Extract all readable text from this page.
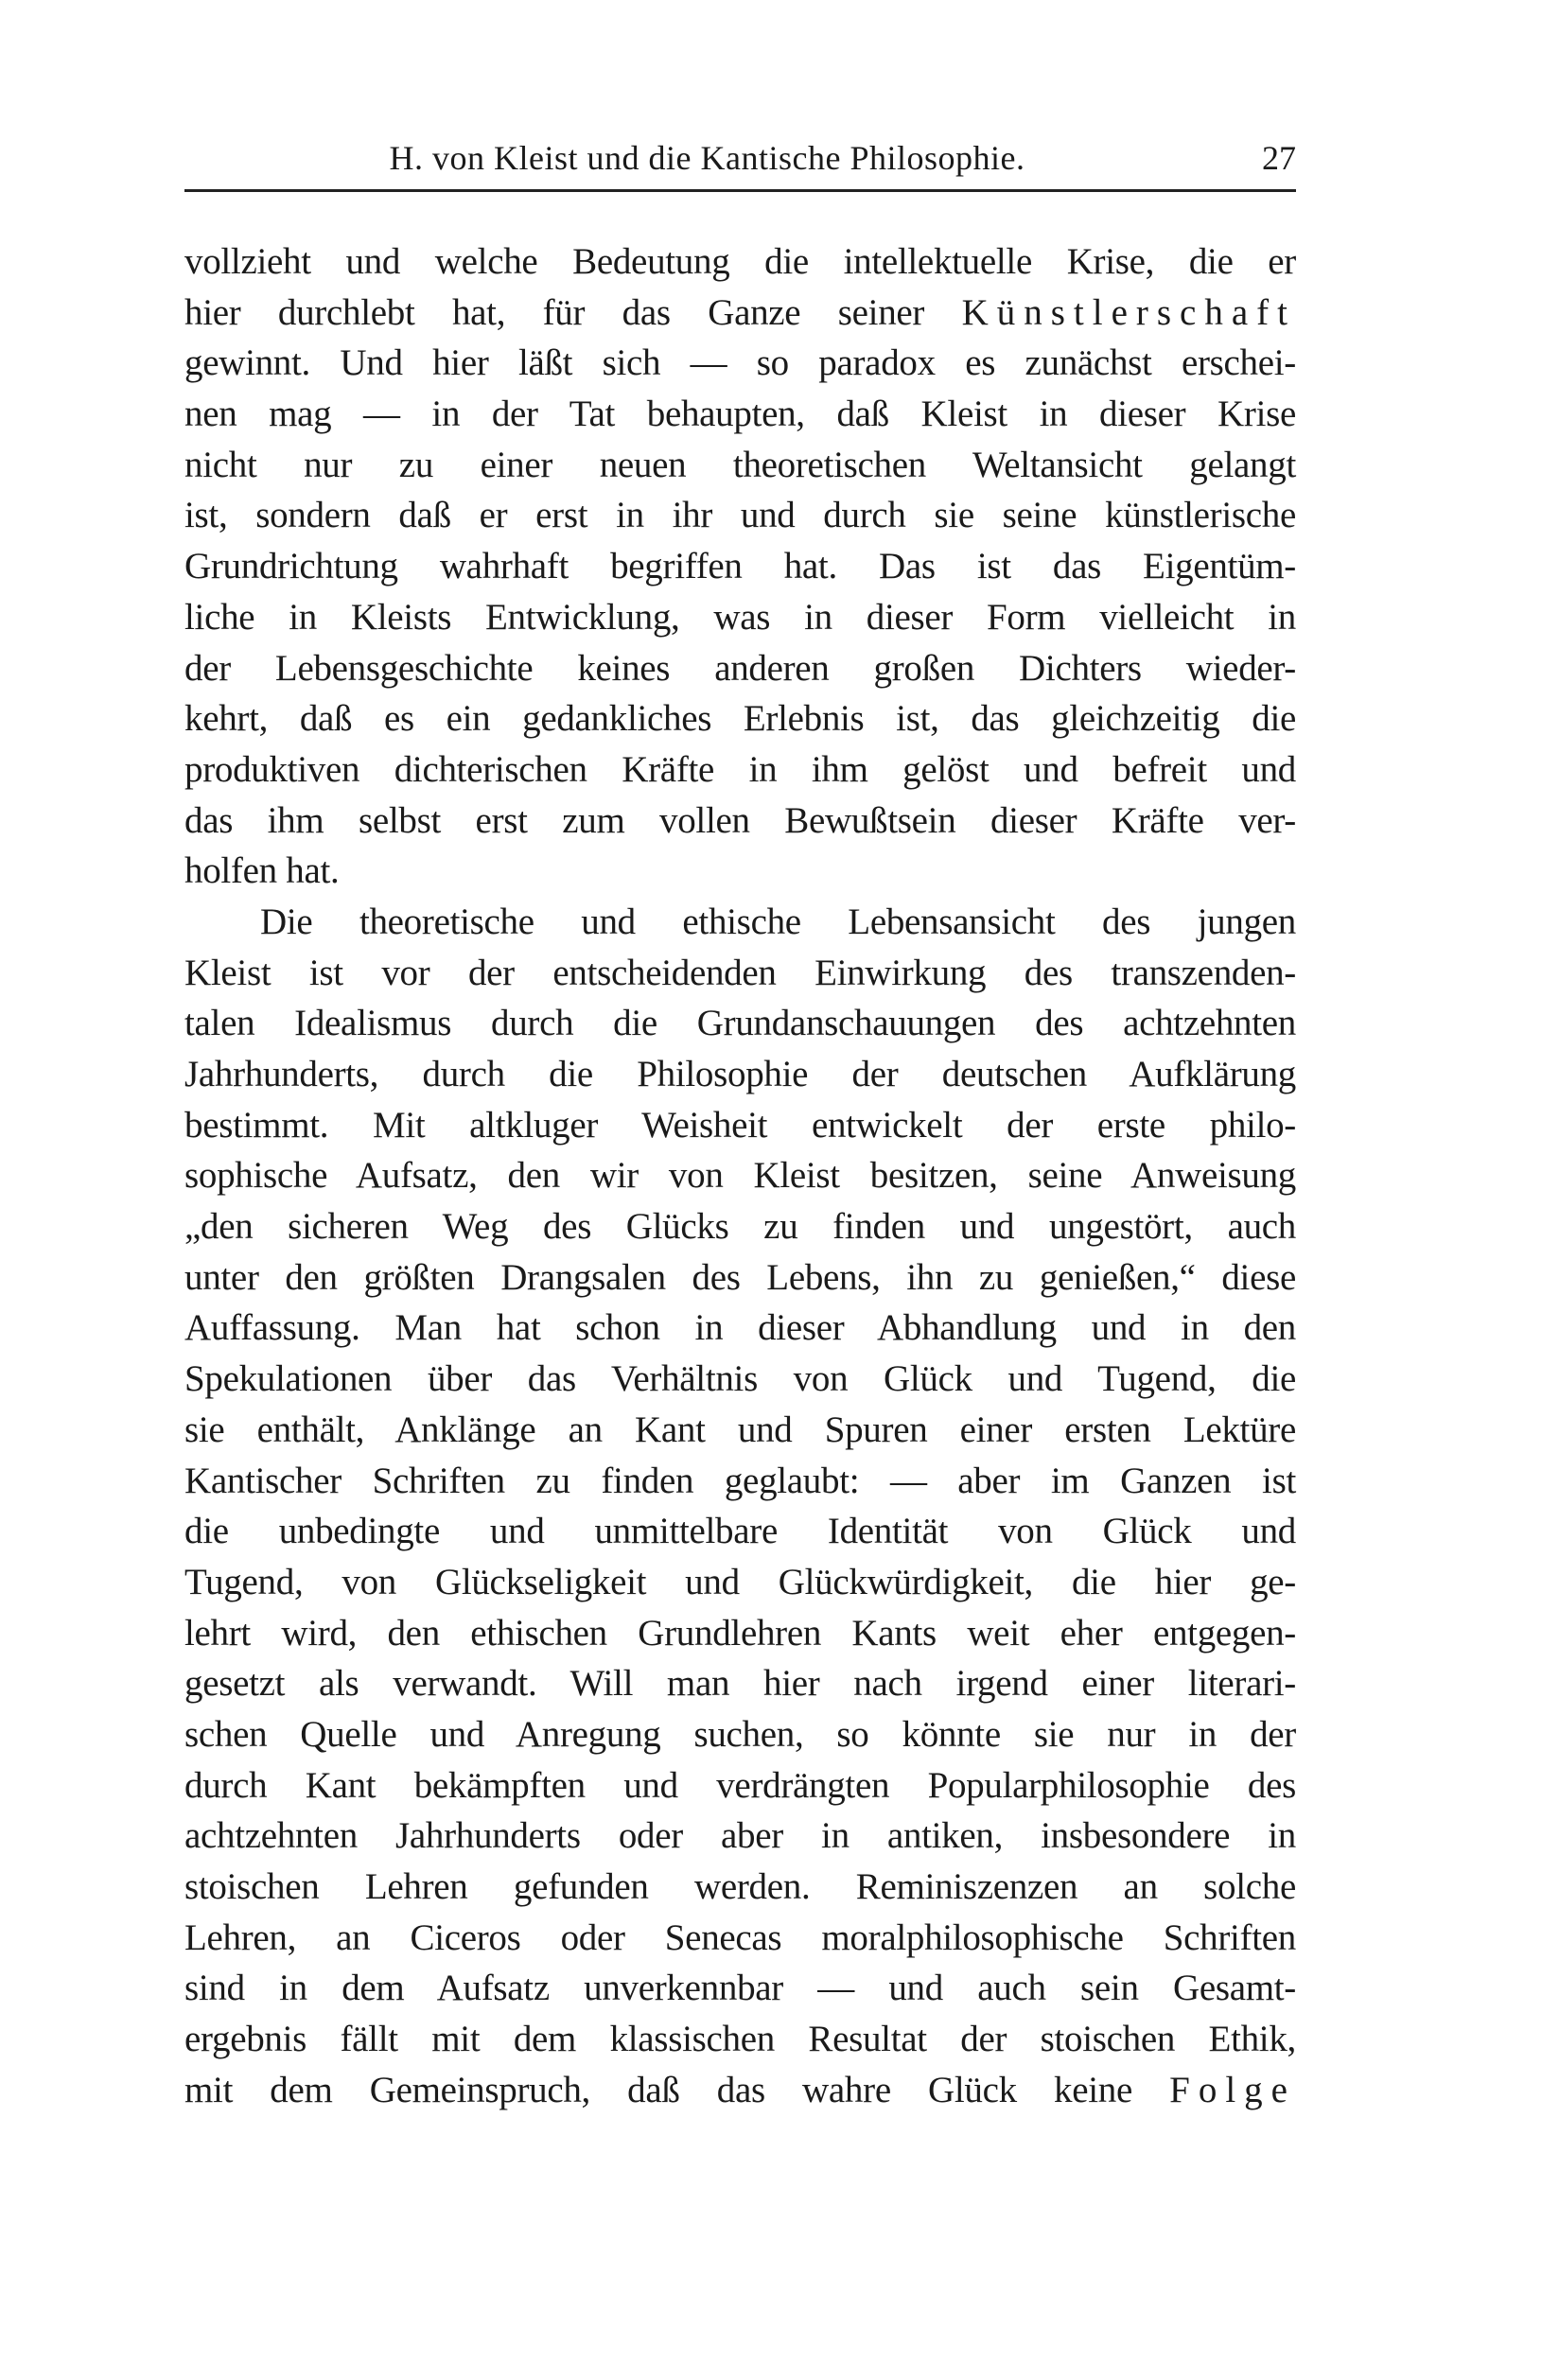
H. von Kleist und die Kantische Philosophie.	27
vollzieht und welche Bedeutung die intellektuelle Krise, die er
hier durchlebt hat, für das Ganze seiner Künstlerschaft
gewinnt. Und hier läßt sich — so paradox es zunächst erschei-
nen mag — in der Tat behaupten, daß Kleist in dieser Krise
nicht nur zu einer neuen theoretischen Weltansicht gelangt
ist, sondern daß er erst in ihr und durch sie seine künstlerische
Grundrichtung wahrhaft begriffen hat. Das ist das Eigentüm-
liche in Kleists Entwicklung, was in dieser Form vielleicht in
der Lebensgeschichte keines anderen großen Dichters wieder-
kehrt, daß es ein gedankliches Erlebnis ist, das gleichzeitig die
produktiven dichterischen Kräfte in ihm gelöst und befreit und
das ihm selbst erst zum vollen Bewußtsein dieser Kräfte ver-
holfen hat.
Die theoretische und ethische Lebensansicht des jungen
Kleist ist vor der entscheidenden Einwirkung des transzenden-
talen Idealismus durch die Grundanschauungen des achtzehnten
Jahrhunderts, durch die Philosophie der deutschen Aufklärung
bestimmt. Mit altkluger Weisheit entwickelt der erste philo-
sophische Aufsatz, den wir von Kleist besitzen, seine Anweisung
„den sicheren Weg des Glücks zu finden und ungestört, auch
unter den größten Drangsalen des Lebens, ihn zu genießen,“ diese
Auffassung. Man hat schon in dieser Abhandlung und in den
Spekulationen über das Verhältnis von Glück und Tugend, die
sie enthält, Anklänge an Kant und Spuren einer ersten Lektüre
Kantischer Schriften zu finden geglaubt: — aber im Ganzen ist
die unbedingte und unmittelbare Identität von Glück und
Tugend, von Glückseligkeit und Glückwürdigkeit, die hier ge-
lehrt wird, den ethischen Grundlehren Kants weit eher entgegen-
gesetzt als verwandt. Will man hier nach irgend einer literari-
schen Quelle und Anregung suchen, so könnte sie nur in der
durch Kant bekämpften und verdrängten Popularphilosophie des
achtzehnten Jahrhunderts oder aber in antiken, insbesondere in
stoischen Lehren gefunden werden. Reminiszenzen an solche
Lehren, an Ciceros oder Senecas moralphilosophische Schriften
sind in dem Aufsatz unverkennbar — und auch sein Gesamt-
ergebnis fällt mit dem klassischen Resultat der stoischen Ethik,
mit dem Gemeinspruch, daß das wahre Glück keine Folge
